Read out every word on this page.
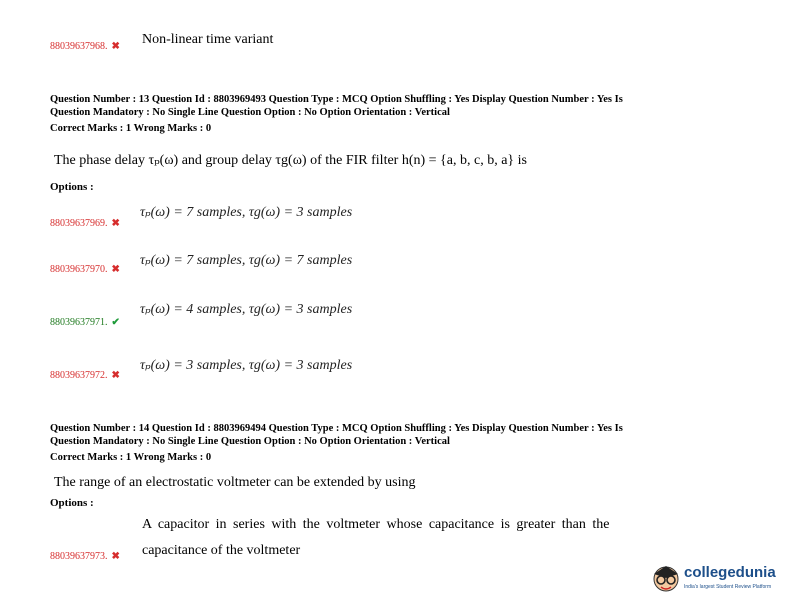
Non-linear time variant
88039637968. ✖
Question Number : 13 Question Id : 8803969493 Question Type : MCQ Option Shuffling : Yes Display Question Number : Yes Is
Question Mandatory : No Single Line Question Option : No Option Orientation : Vertical
Correct Marks : 1 Wrong Marks : 0
The phase delay τₚ(ω) and group delay τg(ω) of the FIR filter h(n) = {a, b, c, b, a} is
Options :
τₚ(ω) = 7 samples, τg(ω) = 3 samples
88039637969. ✖
τₚ(ω) = 7 samples, τg(ω) = 7 samples
88039637970. ✖
τₚ(ω) = 4 samples, τg(ω) = 3 samples
88039637971. ✔
τₚ(ω) = 3 samples, τg(ω) = 3 samples
88039637972. ✖
Question Number : 14 Question Id : 8803969494 Question Type : MCQ Option Shuffling : Yes Display Question Number : Yes Is
Question Mandatory : No Single Line Question Option : No Option Orientation : Vertical
Correct Marks : 1 Wrong Marks : 0
The range of an electrostatic voltmeter can be extended by using
Options :
A capacitor in series with the voltmeter whose capacitance is greater than the
capacitance of the voltmeter
88039637973. ✖
collegedunia
India's largest Student Review Platform
